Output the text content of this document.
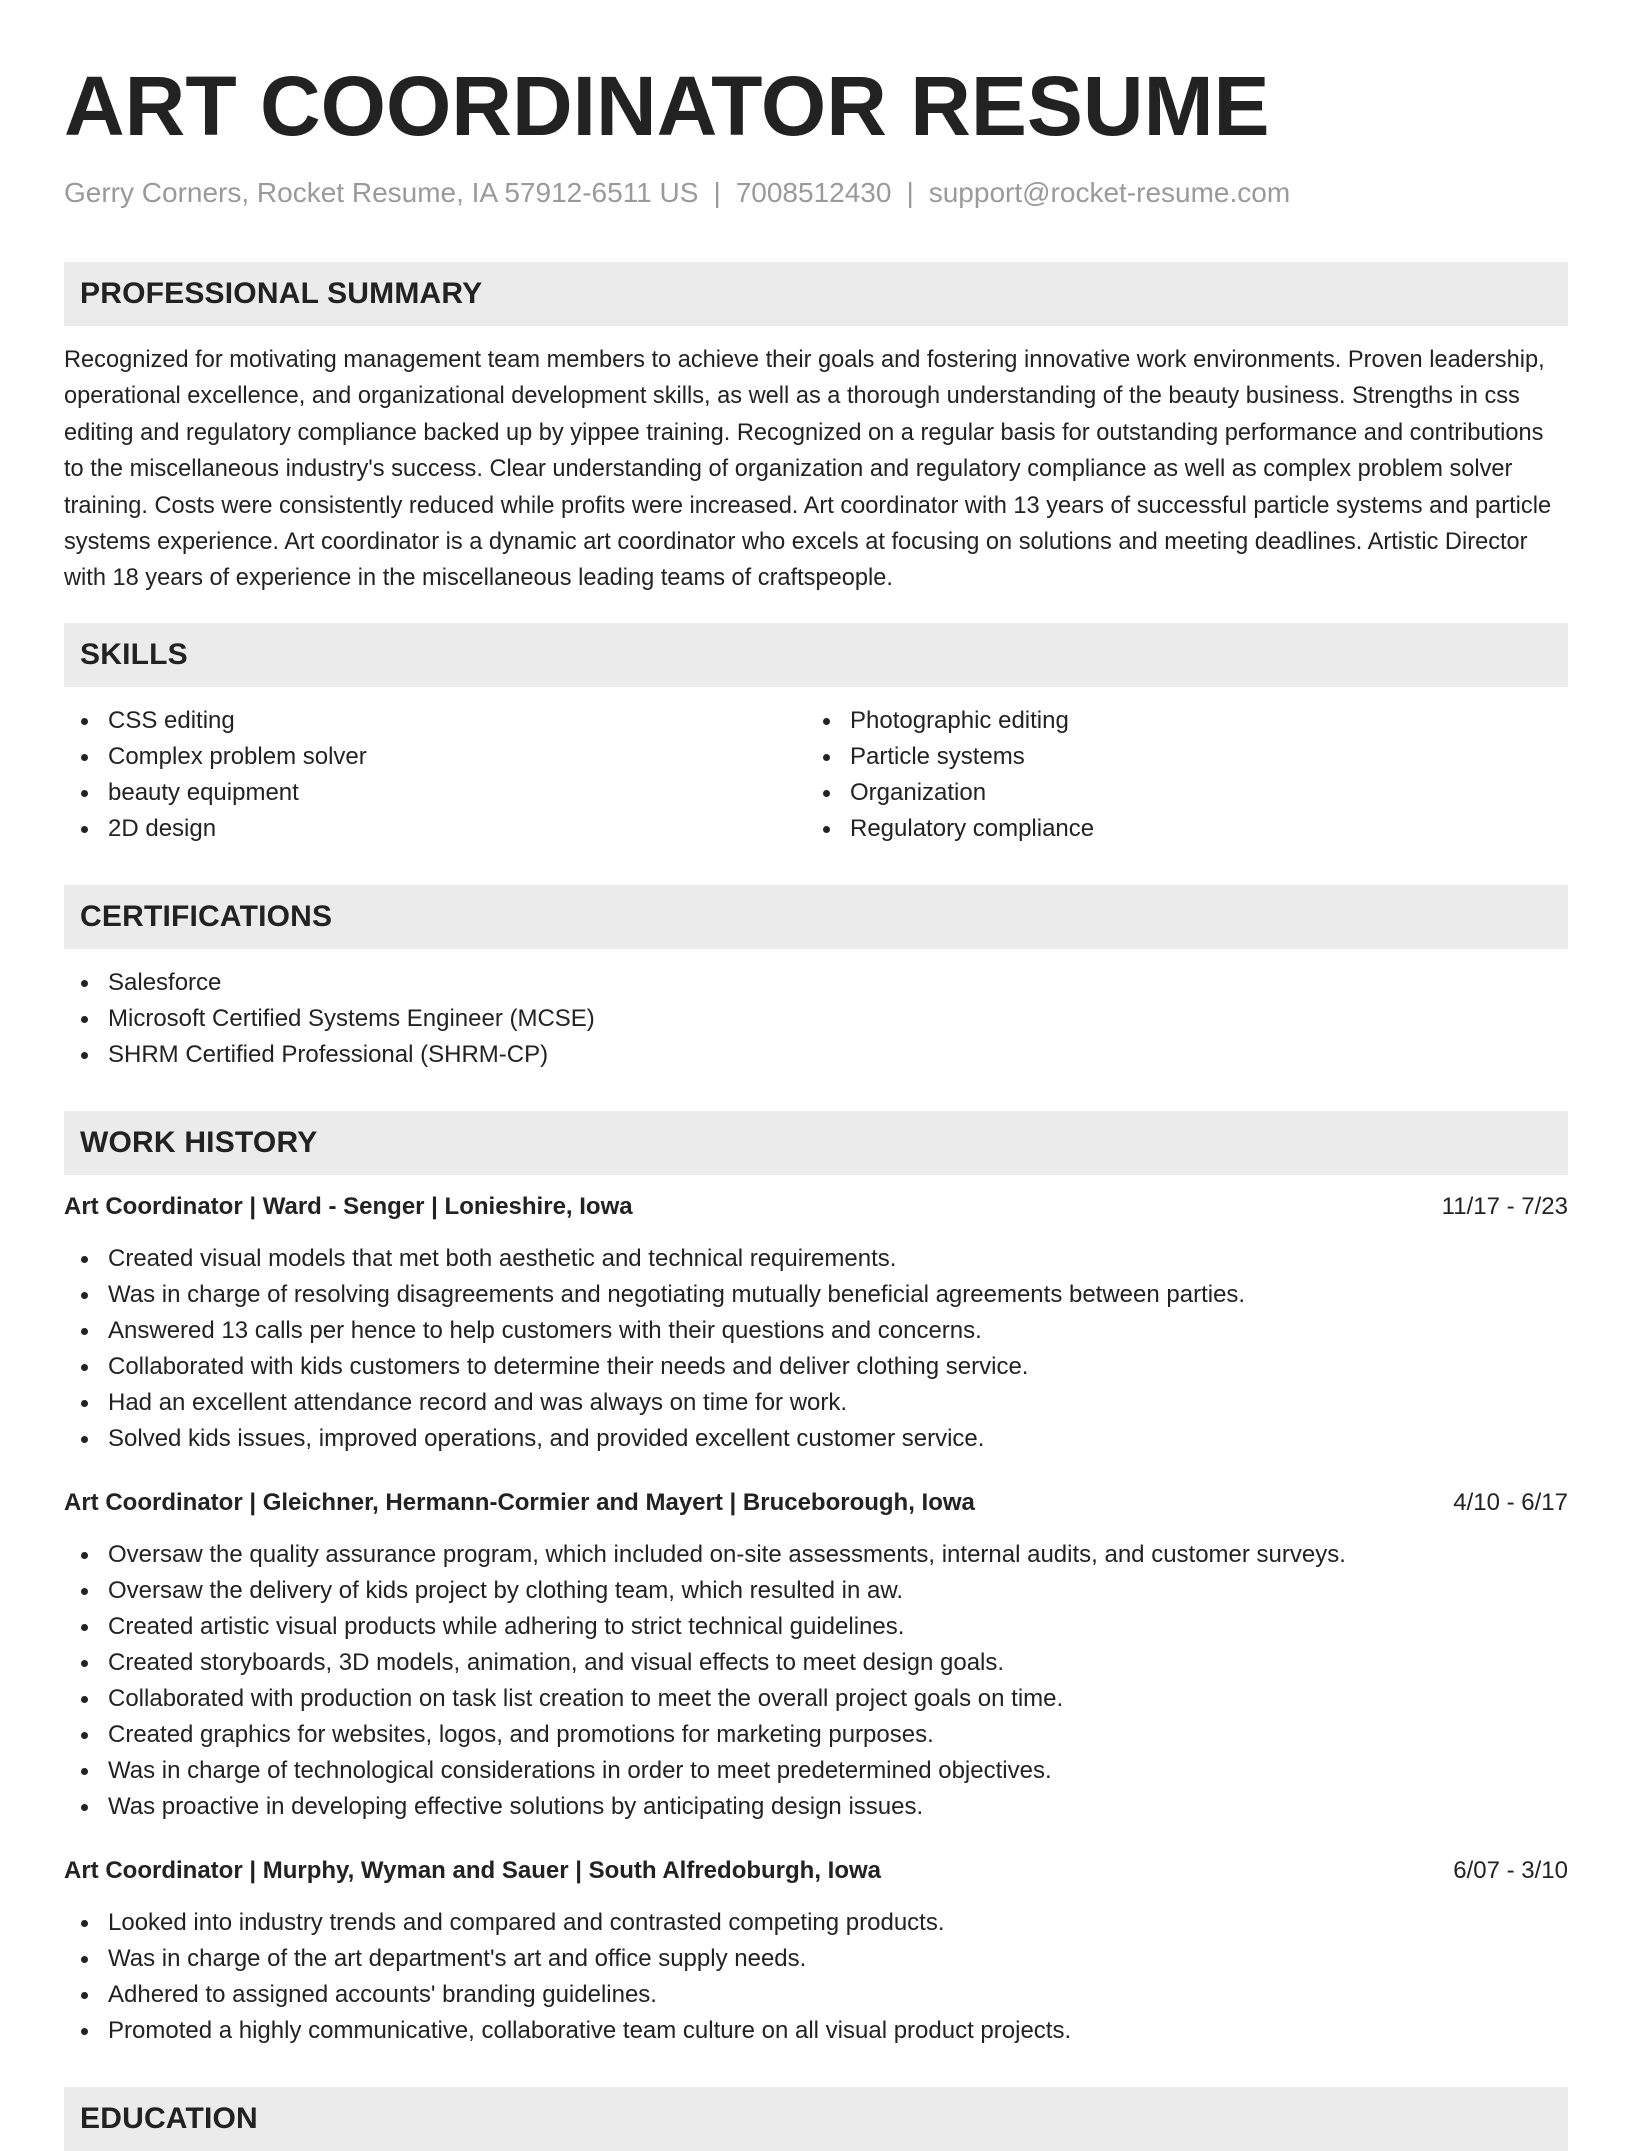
ART COORDINATOR RESUME
Gerry Corners, Rocket Resume, IA 57912-6511 US | 7008512430 | support@rocket-resume.com
PROFESSIONAL SUMMARY

Recognized for motivating management team members to achieve their goals and fostering innovative work environments. Proven leadership, operational excellence, and organizational development skills, as well as a thorough understanding of the beauty business. Strengths in css editing and regulatory compliance backed up by yippee training. Recognized on a regular basis for outstanding performance and contributions to the miscellaneous industry's success. Clear understanding of organization and regulatory compliance as well as complex problem solver training. Costs were consistently reduced while profits were increased. Art coordinator with 13 years of successful particle systems and particle systems experience. Art coordinator is a dynamic art coordinator who excels at focusing on solutions and meeting deadlines. Artistic Director with 18 years of experience in the miscellaneous leading teams of craftspeople.

SKILLS
CSS editing
Complex problem solver
beauty equipment
2D design
Photographic editing
Particle systems
Organization
Regulatory compliance
CERTIFICATIONS
Salesforce
Microsoft Certified Systems Engineer (MCSE)
SHRM Certified Professional (SHRM-CP)
WORK HISTORY
Art Coordinator | Ward - Senger | Lonieshire, Iowa	11/17 - 7/23
Created visual models that met both aesthetic and technical requirements.
Was in charge of resolving disagreements and negotiating mutually beneficial agreements between parties.
Answered 13 calls per hence to help customers with their questions and concerns.
Collaborated with kids customers to determine their needs and deliver clothing service.
Had an excellent attendance record and was always on time for work.
Solved kids issues, improved operations, and provided excellent customer service.
Art Coordinator | Gleichner, Hermann-Cormier and Mayert | Bruceborough, Iowa	4/10 - 6/17
Oversaw the quality assurance program, which included on-site assessments, internal audits, and customer surveys.
Oversaw the delivery of kids project by clothing team, which resulted in aw.
Created artistic visual products while adhering to strict technical guidelines.
Created storyboards, 3D models, animation, and visual effects to meet design goals.
Collaborated with production on task list creation to meet the overall project goals on time.
Created graphics for websites, logos, and promotions for marketing purposes.
Was in charge of technological considerations in order to meet predetermined objectives.
Was proactive in developing effective solutions by anticipating design issues.
Art Coordinator | Murphy, Wyman and Sauer | South Alfredoburgh, Iowa	6/07 - 3/10
Looked into industry trends and compared and contrasted competing products.
Was in charge of the art department's art and office supply needs.
Adhered to assigned accounts' branding guidelines.
Promoted a highly communicative, collaborative team culture on all visual product projects.
EDUCATION
